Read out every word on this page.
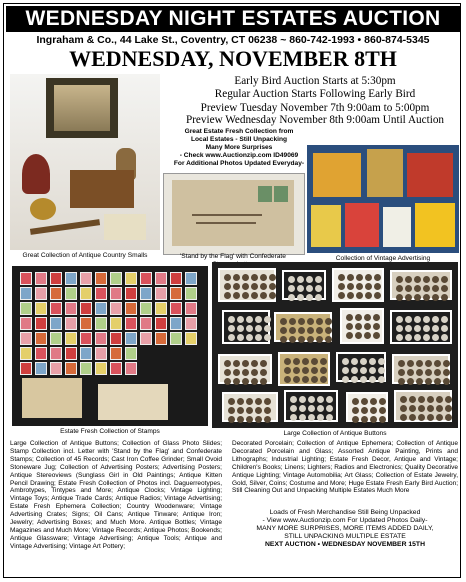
WEDNESDAY NIGHT ESTATES AUCTION
Ingraham & Co., 44 Lake St., Coventry, CT 06238 ~ 860-742-1993 • 860-874-5345
WEDNESDAY, NOVEMBER 8TH
Early Bird Auction Starts at 5:30pm
Regular Auction Starts Following Early Bird
Preview Tuesday November 7th 9:00am to 5:00pm
Preview Wednesday November 8th 9:00am Until Auction
Great Estate Fresh Collection from
Local Estates - Still Unpacking
Many More Surprises
- Check www.Auctionzip.com ID49069
For Additional Photos Updated Everyday-
Great Collection of Antique Country Smalls	'Stand by the Flag' with Confederate	Collection of Vintage Advertising
Estate Fresh Collection of Stamps	Large Collection of Antique Buttons
Large Collection of Antique Buttons; Collection of Glass Photo Slides; Stamp Collection incl. Letter with 'Stand by the Flag' and Confederate Stamps; Collection of 45 Records; Cast Iron Coffee Grinder; Small Ovoid Stoneware Jug; Collection of Advertising Posters; Advertising Posters; Antique Stereoviews (Sunglass Girl in Old Paintings; Antique Kitten Pencil Drawing; Estate Fresh Collection of Photos incl. Daguerreotypes, Ambrotypes, Tintypes and More; Antique Clocks; Vintage Lighting; Vintage Toys; Antique Trade Cards; Antique Radios; Vintage Advertising; Estate Fresh Ephemera Collection; Country Woodenware; Vintage Advertising Crates; Signs; Oil Cans; Antique Tinware; Antique Iron; Jewelry; Advertising Boxes; and Much More. Antique Bottles; Vintage Magazines and Much More; Vintage Records; Antique Photos; Bookends; Antique Glassware; Vintage Advertising; Antique Tools; Antique and Vintage Advertising; Vintage Art Pottery;
Decorated Porcelain; Collection of Antique Ephemera; Collection of Antique Decorated Porcelain and Glass; Assorted Antique Painting, Prints and Lithographs; Industrial Lighting; Estate Fresh Decor, Antique and Vintage; Children's Books; Linens; Lighters; Radios and Electronics; Quality Decorative Antique Lighting; Vintage Automobilia; Art Glass; Collection of Estate Jewelry, Gold, Silver, Coins; Costume and More; Huge Estate Fresh Early Bird Auction; Still Cleaning Out and Unpacking Multiple Estates Much More
Loads of Fresh Merchandise Still Being Unpacked
- View www.Auctionzip.com For Updated Photos Daily-
MANY MORE SURPRISES, MORE ITEMS ADDED DAILY,
STILL UNPACKING MULTIPLE ESTATE
NEXT AUCTION • WEDNESDAY NOVEMBER 15TH
